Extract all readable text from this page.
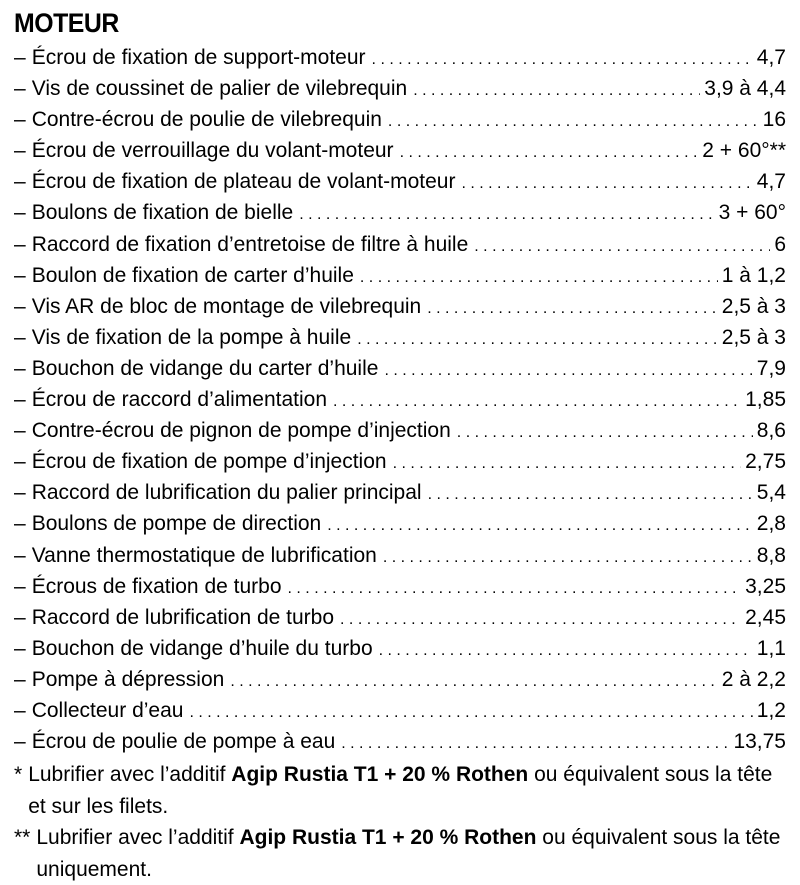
MOTEUR
– Écrou de fixation de support-moteur . . .	4,7
– Vis de coussinet de palier de vilebrequin . . .	3,9 à 4,4
– Contre-écrou de poulie de vilebrequin . . .	16
– Écrou de verrouillage du volant-moteur . . .	2 + 60°**
– Écrou de fixation de plateau de volant-moteur . . .	4,7
– Boulons de fixation de bielle . . .	3 + 60°
– Raccord de fixation d’entretoise de filtre à huile . . .	6
– Boulon de fixation de carter d’huile . . .	1 à 1,2
– Vis AR de bloc de montage de vilebrequin . . .	2,5 à 3
– Vis de fixation de la pompe à huile . . .	2,5 à 3
– Bouchon de vidange du carter d’huile . . .	7,9
– Écrou de raccord d’alimentation . . .	1,85
– Contre-écrou de pignon de pompe d’injection . . .	8,6
– Écrou de fixation de pompe d’injection . . .	2,75
– Raccord de lubrification du palier principal . . .	5,4
– Boulons de pompe de direction . . .	2,8
– Vanne thermostatique de lubrification . . .	8,8
– Écrous de fixation de turbo . . .	3,25
– Raccord de lubrification de turbo . . .	2,45
– Bouchon de vidange d’huile du turbo . . .	1,1
– Pompe à dépression . . .	2 à 2,2
– Collecteur d’eau . . .	1,2
– Écrou de poulie de pompe à eau . . .	13,75
* Lubrifier avec l’additif Agip Rustia T1 + 20 % Rothen ou équivalent sous la tête et sur les filets.
** Lubrifier avec l’additif Agip Rustia T1 + 20 % Rothen ou équivalent sous la tête uniquement.
